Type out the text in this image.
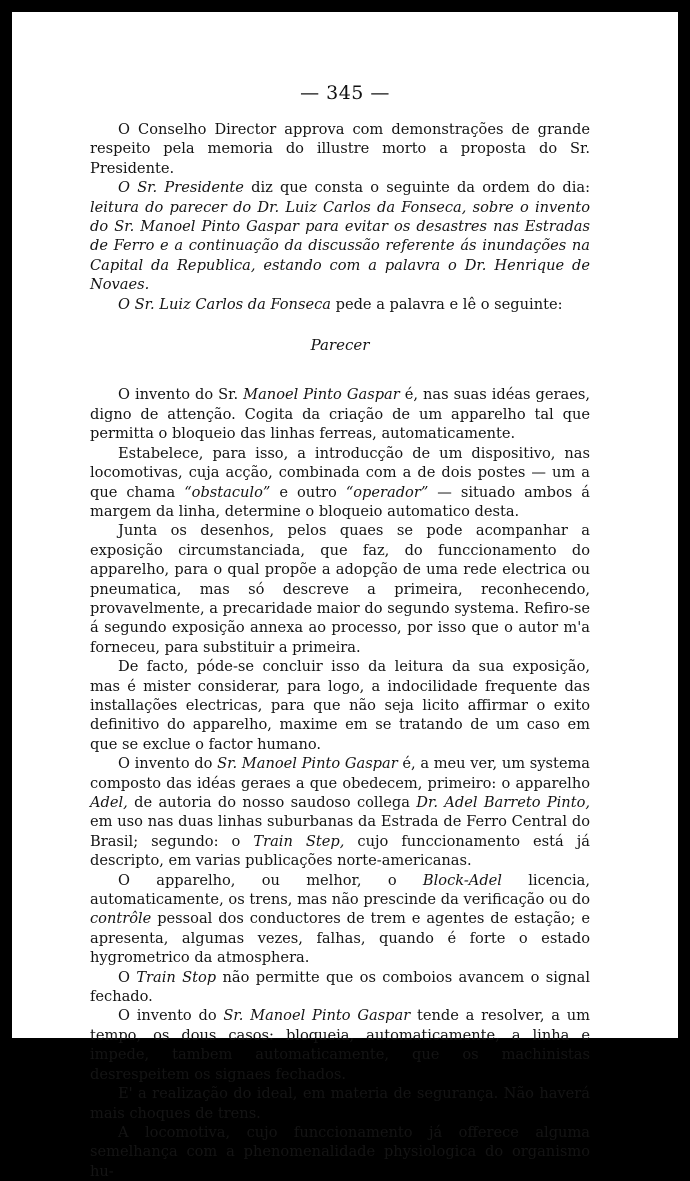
— 345 —

O Conselho Director approva com demonstrações de grande respeito pela memoria do illustre morto a proposta do Sr. Presidente.

O Sr. Presidente diz que consta o seguinte da ordem do dia: leitura do parecer do Dr. Luiz Carlos da Fonseca, sobre o invento do Sr. Manoel Pinto Gaspar para evitar os desastres nas Estradas de Ferro e a continuação da discussão referente ás inundações na Capital da Republica, estando com a palavra o Dr. Henrique de Novaes.

O Sr. Luiz Carlos da Fonseca pede a palavra e lê o seguinte:

Parecer

O invento do Sr. Manoel Pinto Gaspar é, nas suas idéas geraes, digno de attenção. Cogita da criação de um apparelho tal que permitta o bloqueio das linhas ferreas, automaticamente.

Estabelece, para isso, a introducção de um dispositivo, nas locomotivas, cuja acção, combinada com a de dois postes — um a que chama “obstaculo” e outro “operador” — situado ambos á margem da linha, determine o bloqueio automatico desta.

Junta os desenhos, pelos quaes se pode acompanhar a exposição circumstanciada, que faz, do funccionamento do apparelho, para o qual propõe a adopção de uma rede electrica ou pneumatica, mas só descreve a primeira, reconhecendo, provavelmente, a precaridade maior do segundo systema. Refiro-se á segundo exposição annexa ao processo, por isso que o autor m'a forneceu, para substituir a primeira.

De facto, póde-se concluir isso da leitura da sua exposição, mas é mister considerar, para logo, a indocilidade frequente das installações electricas, para que não seja licito affirmar o exito definitivo do apparelho, maxime em se tratando de um caso em que se exclue o factor humano.

O invento do Sr. Manoel Pinto Gaspar é, a meu ver, um systema composto das idéas geraes a que obedecem, primeiro: o apparelho Adel, de autoria do nosso saudoso collega Dr. Adel Barreto Pinto, em uso nas duas linhas suburbanas da Estrada de Ferro Central do Brasil; segundo: o Train Step, cujo funccionamento está já descripto, em varias publicações norte-americanas.

O apparelho, ou melhor, o Block-Adel licencia, automaticamente, os trens, mas não prescinde da verificação ou do contrôle pessoal dos conductores de trem e agentes de estação; e apresenta, algumas vezes, falhas, quando é forte o estado hygrometrico da atmosphera.

O Train Stop não permitte que os comboios avancem o signal fechado.

O invento do Sr. Manoel Pinto Gaspar tende a resolver, a um tempo, os dous casos: bloqueia, automaticamente, a linha e impede, tambem automaticamente, que os machinistas desrespeitem os signaes fechados.

E' a realização do ideal, em materia de segurança. Não haverá mais choques de trens.

A locomotiva, cujo funccionamento já offerece alguma semelhança com a phenomenalidade physiologica do organismo hu-
